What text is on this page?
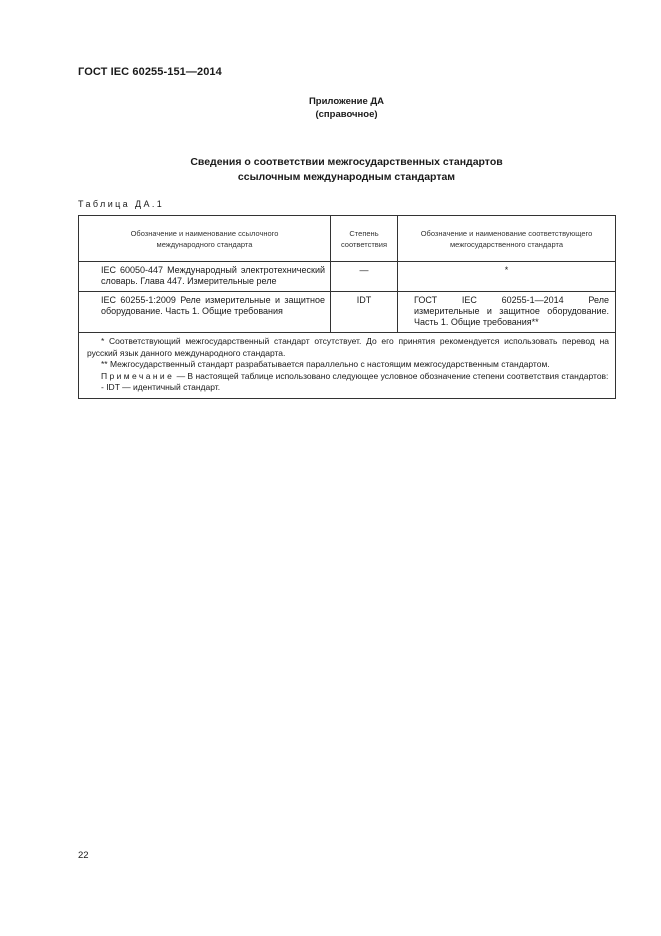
ГОСТ IEC 60255-151—2014
Приложение ДА
(справочное)
Сведения о соответствии межгосударственных стандартов
ссылочным международным стандартам
Таблица ДА.1
Обозначение и наименование ссылочного международного стандарта	Степень соответствия	Обозначение и наименование соответствующего межгосударственного стандарта

IEC 60050-447 Международный электротехнический словарь. Глава 447. Измерительные реле	—	*
IEC 60255-1:2009 Реле измерительные и защитное оборудование. Часть 1. Общие требования	IDT	ГОСТ IEC 60255-1—2014 Реле измерительные и защитное оборудование. Часть 1. Общие требования**

* Соответствующий межгосударственный стандарт отсутствует. До его принятия рекомендуется использовать перевод на русский язык данного международного стандарта.

** Межгосударственный стандарт разрабатывается параллельно с настоящим межгосударственным стандартом.

Примечание — В настоящей таблице использовано следующее условное обозначение степени соответствия стандартов:

- IDT — идентичный стандарт.		

22
